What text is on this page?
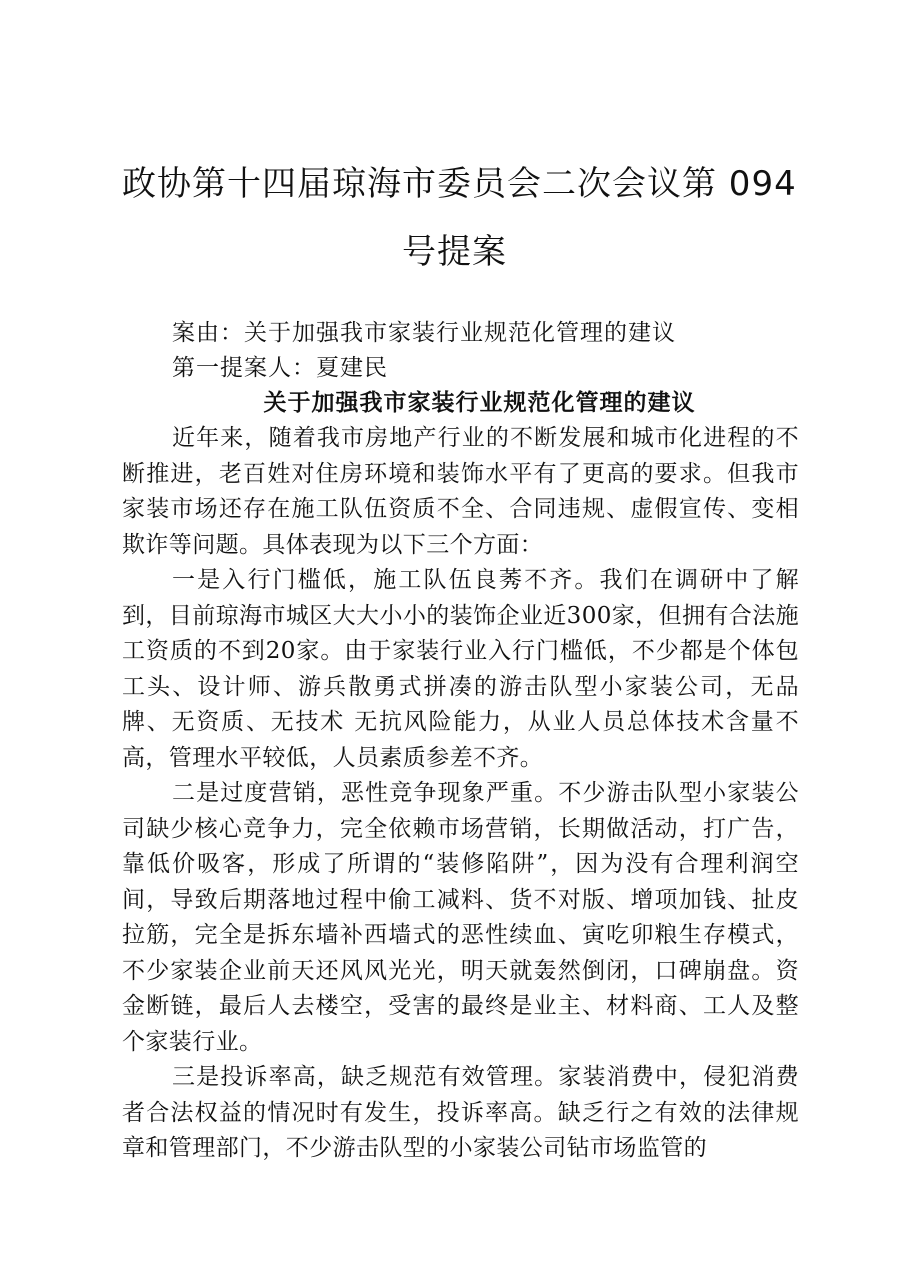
政协第十四届琼海市委员会二次会议第 094
号提案
案由：关于加强我市家装行业规范化管理的建议
第一提案人：夏建民
关于加强我市家装行业规范化管理的建议

近年来，随着我市房地产行业的不断发展和城市化进程的不断推进，老百姓对住房环境和装饰水平有了更高的要求。但我市家装市场还存在施工队伍资质不全、合同违规、虚假宣传、变相欺诈等问题。具体表现为以下三个方面：

一是入行门槛低，施工队伍良莠不齐。我们在调研中了解到，目前琼海市城区大大小小的装饰企业近300家，但拥有合法施工资质的不到20家。由于家装行业入行门槛低，不少都是个体包工头、设计师、游兵散勇式拼凑的游击队型小家装公司，无品牌、无资质、无技术 无抗风险能力，从业人员总体技术含量不高，管理水平较低，人员素质参差不齐。

二是过度营销，恶性竞争现象严重。不少游击队型小家装公司缺少核心竞争力，完全依赖市场营销，长期做活动，打广告，靠低价吸客，形成了所谓的“装修陷阱”，因为没有合理利润空间，导致后期落地过程中偷工减料、货不对版、增项加钱、扯皮拉筋，完全是拆东墙补西墙式的恶性续血、寅吃卯粮生存模式，不少家装企业前天还风风光光，明天就轰然倒闭，口碑崩盘。资金断链，最后人去楼空，受害的最终是业主、材料商、工人及整个家装行业。

三是投诉率高，缺乏规范有效管理。家装消费中，侵犯消费者合法权益的情况时有发生，投诉率高。缺乏行之有效的法律规章和管理部门，不少游击队型的小家装公司钻市场监管的
